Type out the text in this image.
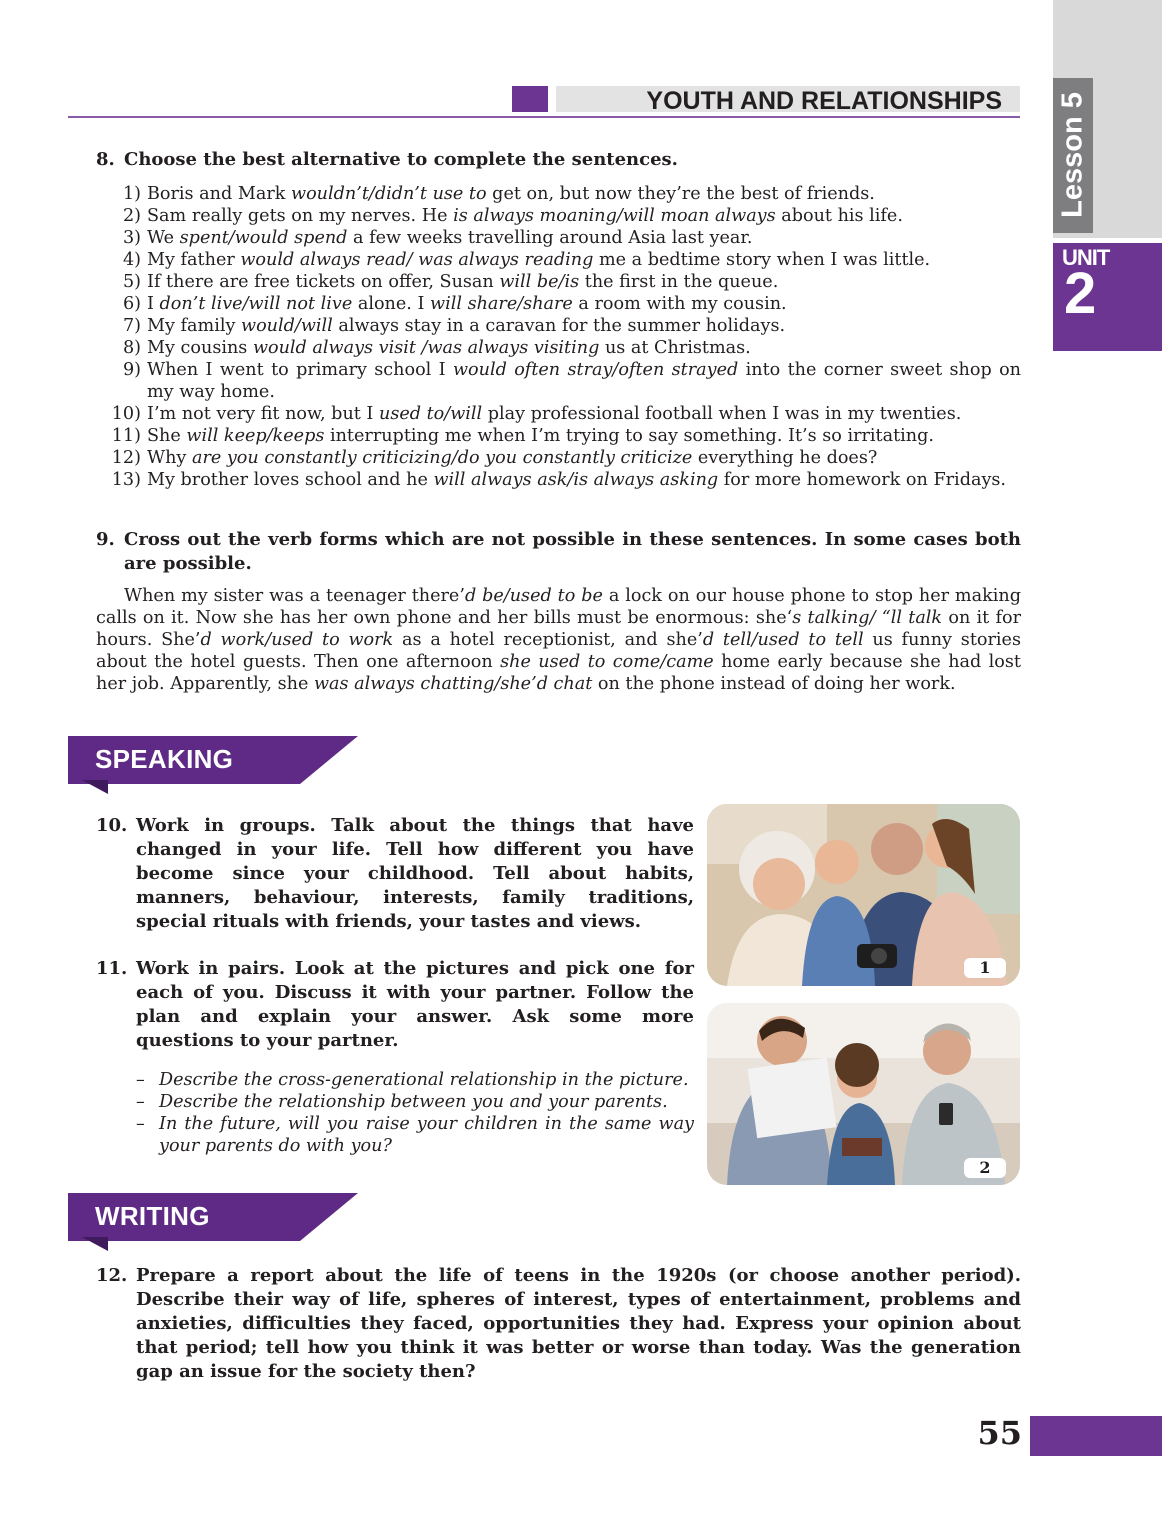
Lesson 5
UNIT
2
YOUTH AND RELATIONSHIPS
8. Choose the best alternative to complete the sentences.
1) Boris and Mark wouldn’t/didn’t use to get on, but now they’re the best of friends.
2) Sam really gets on my nerves. He is always moaning/will moan always about his life.
3) We spent/would spend a few weeks travelling around Asia last year.
4) My father would always read/ was always reading me a bedtime story when I was little.
5) If there are free tickets on offer, Susan will be/is the first in the queue.
6) I don’t live/will not live alone. I will share/share a room with my cousin.
7) My family would/will always stay in a caravan for the summer holidays.
8) My cousins would always visit /was always visiting us at Christmas.
9) When I went to primary school I would often stray/often strayed into the corner sweet shop on my way home.
10) I’m not very fit now, but I used to/will play professional football when I was in my twenties.
11) She will keep/keeps interrupting me when I’m trying to say something. It’s so irritating.
12) Why are you constantly criticizing/do you constantly criticize everything he does?
13) My brother loves school and he will always ask/is always asking for more homework on Fridays.
9. Cross out the verb forms which are not possible in these sentences. In some cases both are possible.
When my sister was a teenager there’d be/used to be a lock on our house phone to stop her making calls on it. Now she has her own phone and her bills must be enormous: she‘s talking/ “ll talk on it for hours. She’d work/used to work as a hotel receptionist, and she’d tell/used to tell us funny stories about the hotel guests. Then one afternoon she used to come/came home early because she had lost her job. Apparently, she was always chatting/she’d chat on the phone instead of doing her work.
SPEAKING
10. Work in groups. Talk about the things that have changed in your life. Tell how different you have become since your childhood. Tell about habits, manners, behaviour, interests, family traditions, special rituals with friends, your tastes and views.
11. Work in pairs. Look at the pictures and pick one for each of you. Discuss it with your partner. Follow the plan and explain your answer. Ask some more questions to your partner.
– Describe the cross-generational relationship in the picture.
– Describe the relationship between you and your parents.
– In the future, will you raise your children in the same way your parents do with you?
1
2
WRITING
12. Prepare a report about the life of teens in the 1920s (or choose another period). Describe their way of life, spheres of interest, types of entertainment, problems and anxieties, difficulties they faced, opportunities they had. Express your opinion about that period; tell how you think it was better or worse than today. Was the generation gap an issue for the society then?
55
